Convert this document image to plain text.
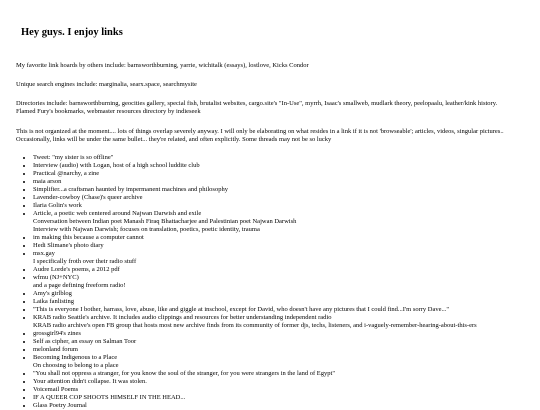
Hey guys. I enjoy links

My favorite link hoards by others include: barnsworthburning, yarrie, wichitalk (essays), lostlove, Kicks Condor

Unique search engines include: marginalia, searx.space, searchmysite

Directories include: barnsworthburning, geocities gallery, special fish, brutalist websites, cargo.site's "In-Use", myrrh, Isaac's smallweb, mudlark theory, peelopaalu, leather/kink history.
Flamed Fury's bookmarks, webmaster resources directory by indieseek

This is not organized at the moment.... lots of things overlap severely anyway. I will only be elaborating on what resides in a link if it is not 'browseable'; articles, videos, singular pictures..
Occasionally, links will be under the same bullet... they're related, and often explicitly. Some threads may not be so lucky

• Tweet: "my sister is so offline"
• Interview (audio) with Logan, host of a high school luddite club
• Practical @narchy, a zine
• maia arson
• Simplifier...a craftsman haunted by impermanent machines and philosophy
• Lavender-cowboy (Chase)'s queer archive
• Ilaria Golin's work
• Article, a poetic web centered around Najwan Darwish and exile
Conversation between Indian poet Manash Firaq Bhattacharjee and Palestinian poet Najwan Darwish
Interview with Najwan Darwish; focuses on translation, poetics, poetic identity, trauma
• im making this because a computer cannot
• Hedi Slimane's photo diary
• msx.gay
I specifically froth over their radio stuff
• Audre Lorde's poems, a 2012 pdf
• wfmu (NJ+NYC)
and a page defining freeform radio!
• Amy's girlblog
• Laika fanlisting
• "This is everyone I bother, harrass, love, abuse, like and giggle at inschool, except for David, who doesn't have any pictures that I could find...I'm sorry Dave..."
• KRAB radio Seattle's archive. It includes audio clippings and resources for better understanding independent radio
KRAB radio archive's open FB group that hosts most new archive finds from its community of former djs, techs, listeners, and i-vaguely-remember-hearing-about-this-ers
• grossgirl94's zines
• Self as cipher, an essay on Salman Toor
• melonland forum
• Becoming Indigenous to a Place
On choosing to belong to a place
• "You shall not oppress a stranger, for you know the soul of the stranger, for you were strangers in the land of Egypt"
• Your attention didn't collapse. It was stolen.
• Voicemail Poems
• IF A QUEER COP SHOOTS HIMSELF IN THE HEAD...
• Glass Poetry Journal
